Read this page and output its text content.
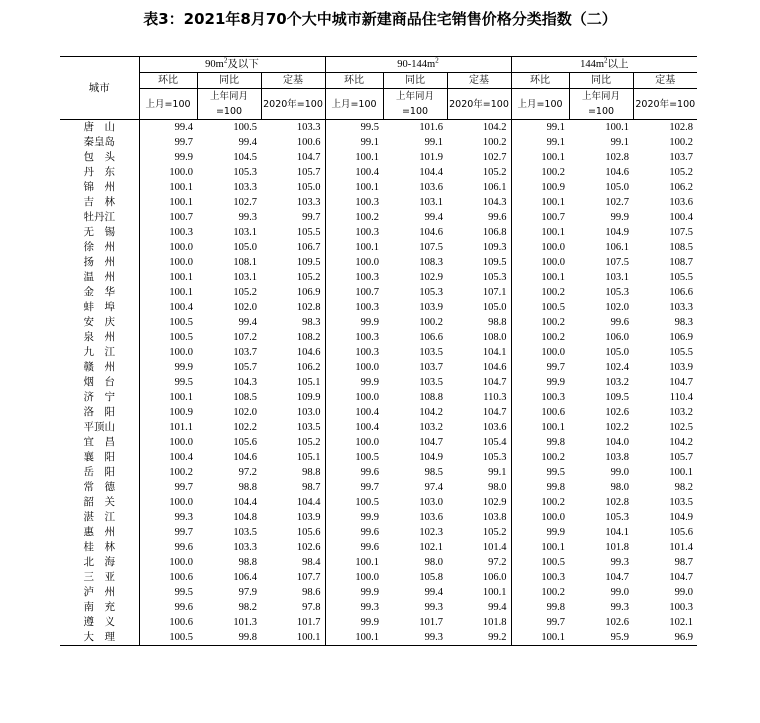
表3：2021年8月70个大中城市新建商品住宅销售价格分类指数（二）
城市	$90m^2$及以下			$90-144m^2$			$144m^2$以上		
	环比	同比	定基	环比	同比	定基	环比	同比	定基
	上月=100	上年同月=100	2020年=100	上月=100	上年同月=100	2020年=100	上月=100	上年同月=100	2020年=100
唐　山	99.4	100.5	103.3	99.5	101.6	104.2	99.1	100.1	102.8
秦皇岛	99.7	99.4	100.6	99.1	99.1	100.2	99.1	99.1	100.2
包　头	99.9	104.5	104.7	100.1	101.9	102.7	100.1	102.8	103.7
丹　东	100.0	105.3	105.7	100.4	104.4	105.2	100.2	104.6	105.2
锦　州	100.1	103.3	105.0	100.1	103.6	106.1	100.9	105.0	106.2
吉　林	100.1	102.7	103.3	100.3	103.1	104.3	100.1	102.7	103.6
牡丹江	100.7	99.3	99.7	100.2	99.4	99.6	100.7	99.9	100.4
无　锡	100.3	103.1	105.5	100.3	104.6	106.8	100.1	104.9	107.5
徐　州	100.0	105.0	106.7	100.1	107.5	109.3	100.0	106.1	108.5
扬　州	100.0	108.1	109.5	100.0	108.3	109.5	100.0	107.5	108.7
温　州	100.1	103.1	105.2	100.3	102.9	105.3	100.1	103.1	105.5
金　华	100.1	105.2	106.9	100.7	105.3	107.1	100.2	105.3	106.6
蚌　埠	100.4	102.0	102.8	100.3	103.9	105.0	100.5	102.0	103.3
安　庆	100.5	99.4	98.3	99.9	100.2	98.8	100.2	99.6	98.3
泉　州	100.5	107.2	108.2	100.3	106.6	108.0	100.2	106.0	106.9
九　江	100.0	103.7	104.6	100.3	103.5	104.1	100.0	105.0	105.5
赣　州	99.9	105.7	106.2	100.0	103.7	104.6	99.7	102.4	103.9
烟　台	99.5	104.3	105.1	99.9	103.5	104.7	99.9	103.2	104.7
济　宁	100.1	108.5	109.9	100.0	108.8	110.3	100.3	109.5	110.4
洛　阳	100.9	102.0	103.0	100.4	104.2	104.7	100.6	102.6	103.2
平顶山	101.1	102.2	103.5	100.4	103.2	103.6	100.1	102.2	102.5
宜　昌	100.0	105.6	105.2	100.0	104.7	105.4	99.8	104.0	104.2
襄　阳	100.4	104.6	105.1	100.5	104.9	105.3	100.2	103.8	105.7
岳　阳	100.2	97.2	98.8	99.6	98.5	99.1	99.5	99.0	100.1
常　德	99.7	98.8	98.7	99.7	97.4	98.0	99.8	98.0	98.2
韶　关	100.0	104.4	104.4	100.5	103.0	102.9	100.2	102.8	103.5
湛　江	99.3	104.8	103.9	99.9	103.6	103.8	100.0	105.3	104.9
惠　州	99.7	103.5	105.6	99.6	102.3	105.2	99.9	104.1	105.6
桂　林	99.6	103.3	102.6	99.6	102.1	101.4	100.1	101.8	101.4
北　海	100.0	98.8	98.4	100.1	98.0	97.2	100.5	99.3	98.7
三　亚	100.6	106.4	107.7	100.0	105.8	106.0	100.3	104.7	104.7
泸　州	99.5	97.9	98.6	99.9	99.4	100.1	100.2	99.0	99.0
南　充	99.6	98.2	97.8	99.3	99.3	99.4	99.8	99.3	100.3
遵　义	100.6	101.3	101.7	99.9	101.7	101.8	99.7	102.6	102.1
大　理	100.5	99.8	100.1	100.1	99.3	99.2	100.1	95.9	96.9
